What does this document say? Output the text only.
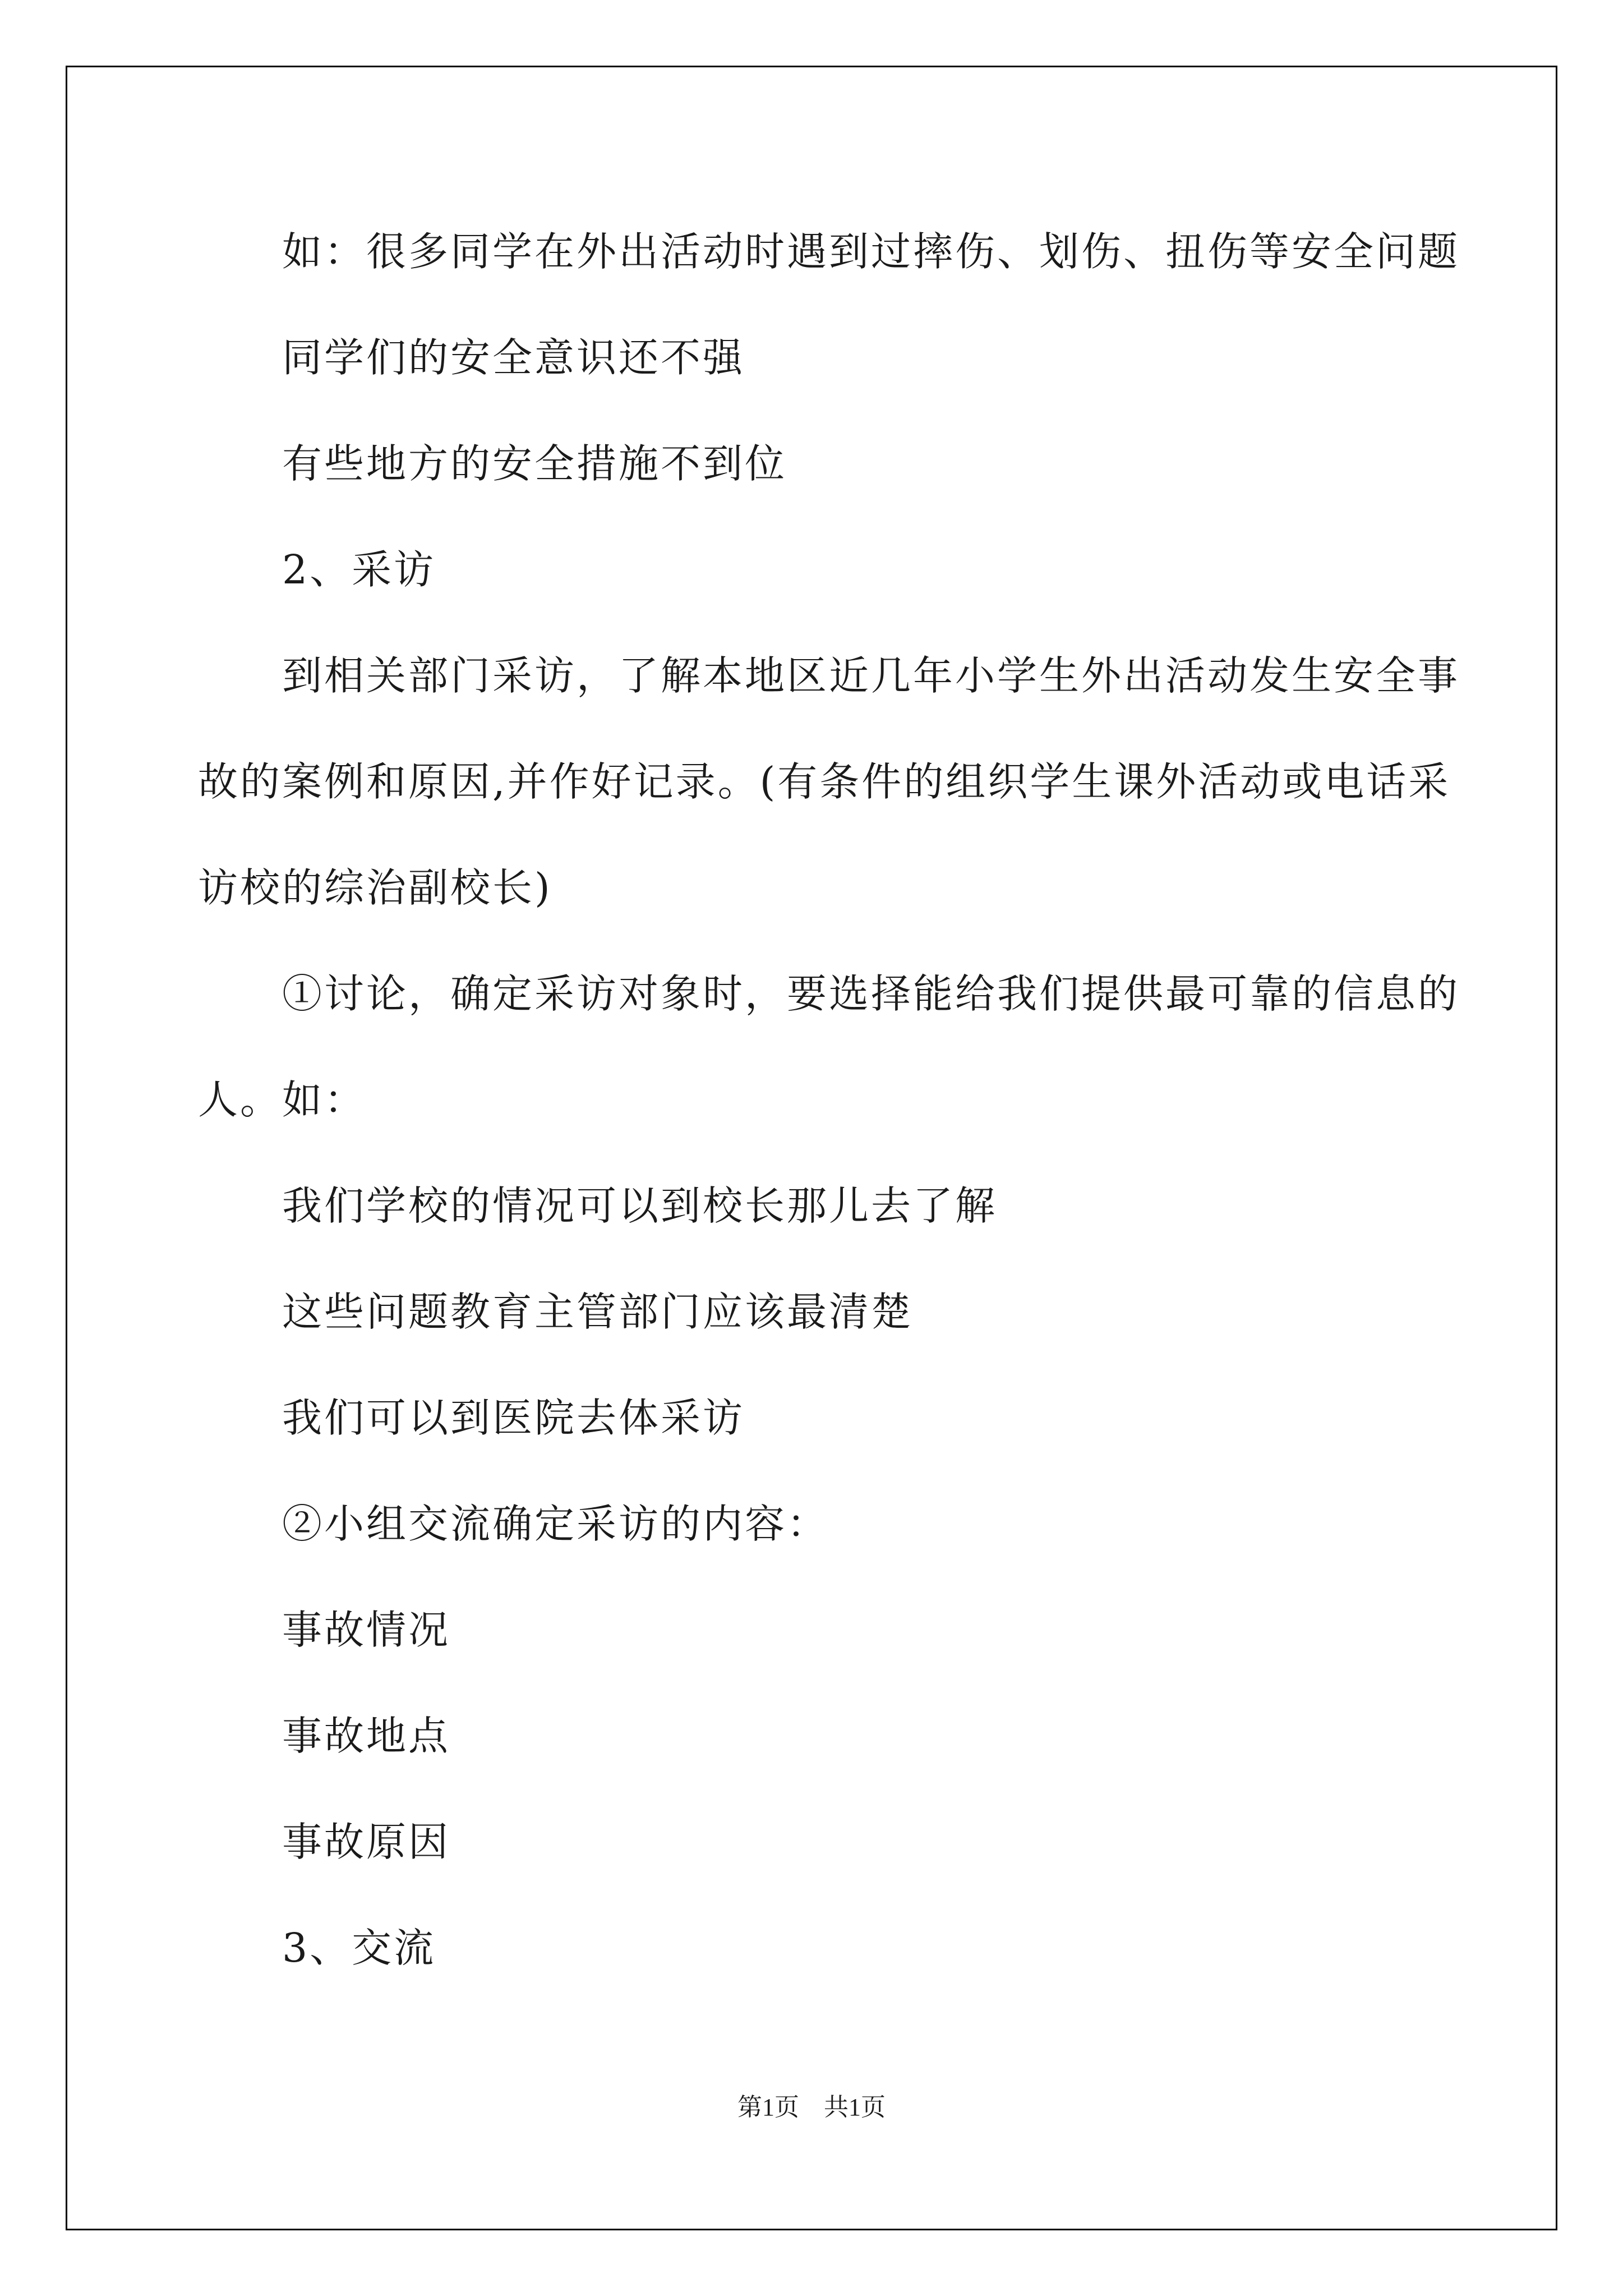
如：很多同学在外出活动时遇到过摔伤、划伤、扭伤等安全问题
同学们的安全意识还不强
有些地方的安全措施不到位
2、采访
到相关部门采访，了解本地区近几年小学生外出活动发生安全事
故的案例和原因,并作好记录。(有条件的组织学生课外活动或电话采
访校的综治副校长)
①讨论，确定采访对象时，要选择能给我们提供最可靠的信息的
人。如：
我们学校的情况可以到校长那儿去了解
这些问题教育主管部门应该最清楚
我们可以到医院去体采访
②小组交流确定采访的内容：
事故情况
事故地点
事故原因
3、交流
第1页　共1页
